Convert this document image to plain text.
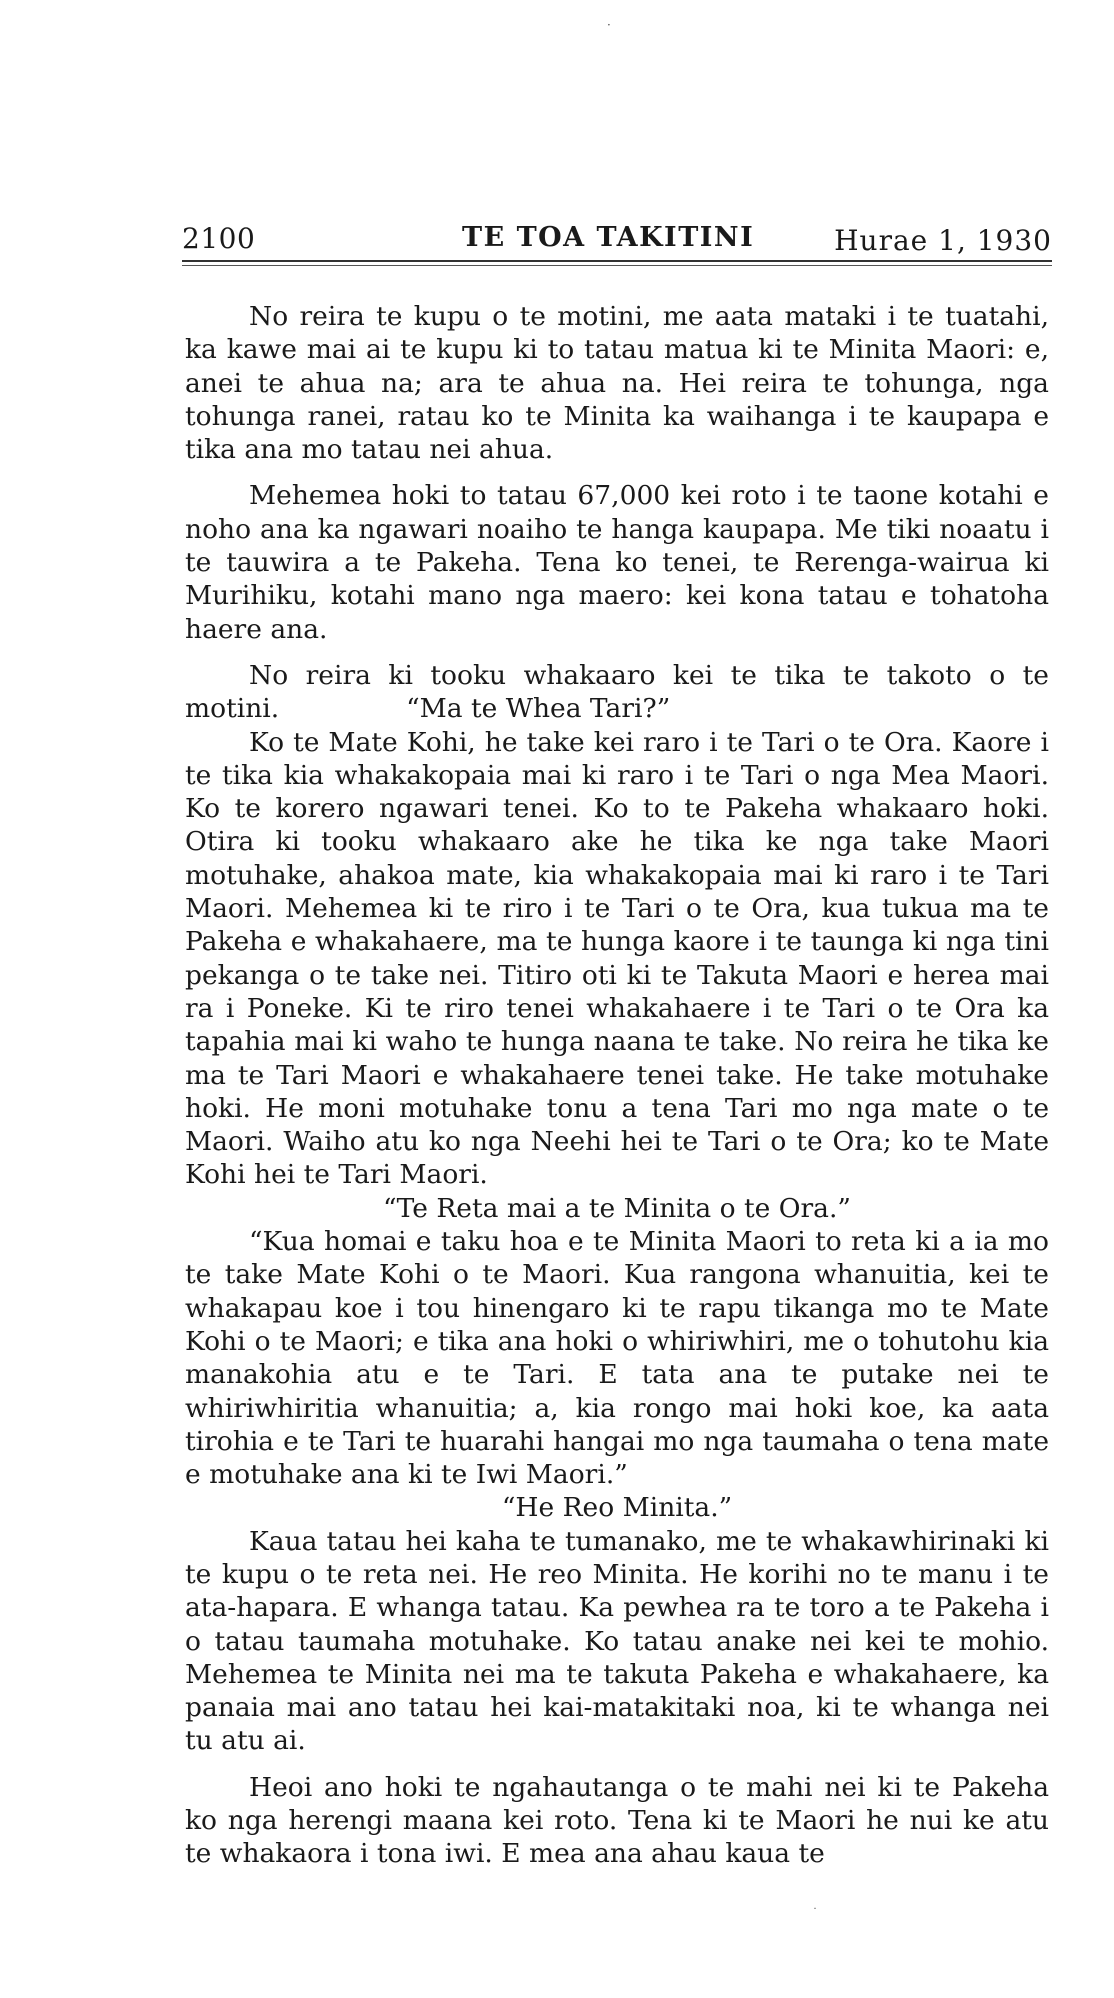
2100	TE TOA TAKITINI	Hurae 1, 1930
·

No reira te kupu o te motini, me aata mataki i te tuatahi, ka kawe mai ai te kupu ki to tatau matua ki te Minita Maori: e, anei te ahua na; ara te ahua na. Hei reira te tohunga, nga tohunga ranei, ratau ko te Minita ka waihanga i te kaupapa e tika ana mo tatau nei ahua.

Mehemea hoki to tatau 67,000 kei roto i te taone kotahi e noho ana ka ngawari noaiho te hanga kaupapa. Me tiki noaatu i te tauwira a te Pakeha. Tena ko tenei, te Rerenga-wairua ki Murihiku, kotahi mano nga maero: kei kona tatau e tohatoha haere ana.

No reira ki tooku whakaaro kei te tika te takoto o te motini.	“Ma te Whea Tari?”

Ko te Mate Kohi, he take kei raro i te Tari o te Ora. Kaore i te tika kia whakakopaia mai ki raro i te Tari o nga Mea Maori. Ko te korero ngawari tenei. Ko to te Pakeha whakaaro hoki. Otira ki tooku whakaaro ake he tika ke nga take Maori motuhake, ahakoa mate, kia whakakopaia mai ki raro i te Tari Maori. Mehemea ki te riro i te Tari o te Ora, kua tukua ma te Pakeha e whakahaere, ma te hunga kaore i te taunga ki nga tini pekanga o te take nei. Titiro oti ki te Takuta Maori e herea mai ra i Poneke. Ki te riro tenei whakahaere i te Tari o te Ora ka tapahia mai ki waho te hunga naana te take. No reira he tika ke ma te Tari Maori e whakahaere tenei take. He take motuhake hoki. He moni motuhake tonu a tena Tari mo nga mate o te Maori. Waiho atu ko nga Neehi hei te Tari o te Ora; ko te Mate Kohi hei te Tari Maori.

“Te Reta mai a te Minita o te Ora.”

“Kua homai e taku hoa e te Minita Maori to reta ki a ia mo te take Mate Kohi o te Maori. Kua rangona whanuitia, kei te whakapau koe i tou hinengaro ki te rapu tikanga mo te Mate Kohi o te Maori; e tika ana hoki o whiriwhiri, me o tohutohu kia manakohia atu e te Tari. E tata ana te putake nei te whiriwhiritia whanuitia; a, kia rongo mai hoki koe, ka aata tirohia e te Tari te huarahi hangai mo nga taumaha o tena mate e motuhake ana ki te Iwi Maori.”

“He Reo Minita.”

Kaua tatau hei kaha te tumanako, me te whakawhirinaki ki te kupu o te reta nei. He reo Minita. He korihi no te manu i te ata-hapara. E whanga tatau. Ka pewhea ra te toro a te Pakeha i o tatau taumaha motuhake. Ko tatau anake nei kei te mohio. Mehemea te Minita nei ma te takuta Pakeha e whakahaere, ka panaia mai ano tatau hei kai-matakitaki noa, ki te whanga nei tu atu ai.

Heoi ano hoki te ngahautanga o te mahi nei ki te Pakeha ko nga herengi maana kei roto. Tena ki te Maori he nui ke atu te whakaora i tona iwi. E mea ana ahau kaua te

˙
